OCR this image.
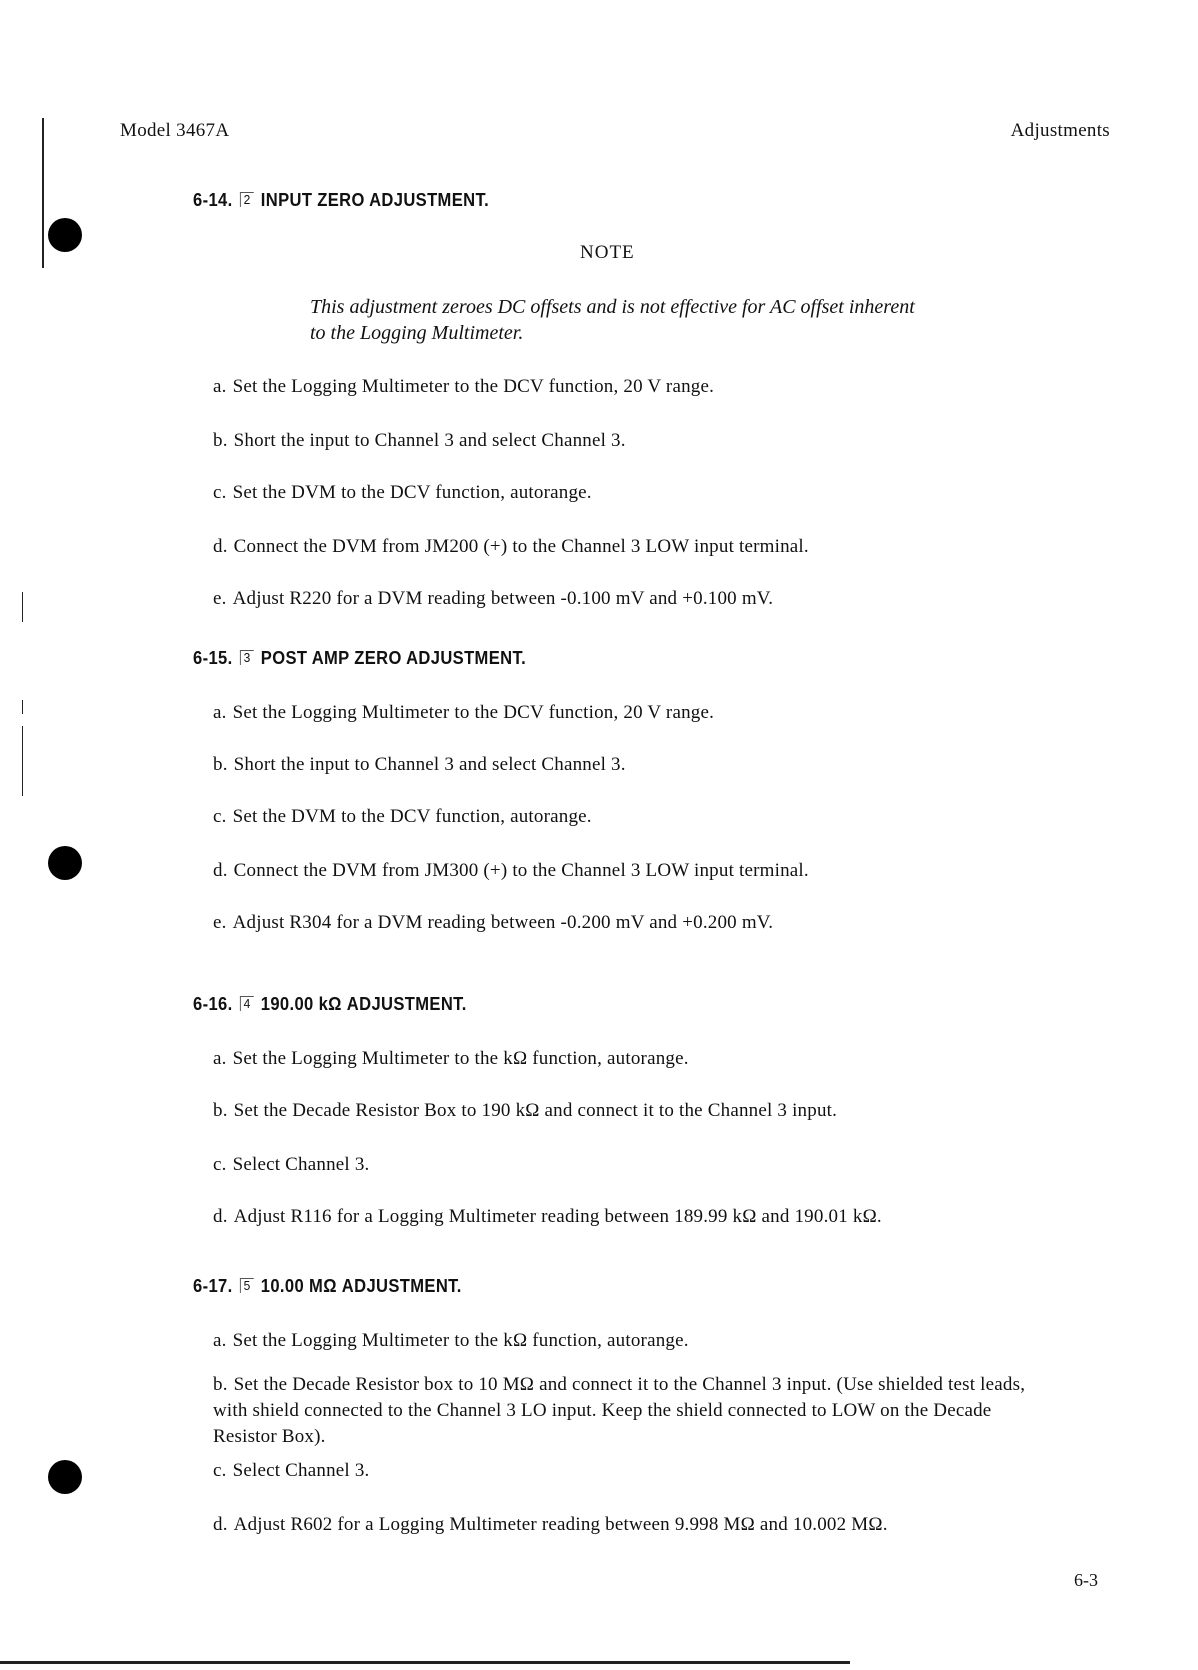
Model 3467A	Adjustments
6-14. 2 INPUT ZERO ADJUSTMENT.
NOTE
This adjustment zeroes DC offsets and is not effective for AC offset inherent to the Logging Multimeter.
a. Set the Logging Multimeter to the DCV function, 20 V range.
b. Short the input to Channel 3 and select Channel 3.
c. Set the DVM to the DCV function, autorange.
d. Connect the DVM from JM200 (+) to the Channel 3 LOW input terminal.
e. Adjust R220 for a DVM reading between -0.100 mV and +0.100 mV.
6-15. 3 POST AMP ZERO ADJUSTMENT.
a. Set the Logging Multimeter to the DCV function, 20 V range.
b. Short the input to Channel 3 and select Channel 3.
c. Set the DVM to the DCV function, autorange.
d. Connect the DVM from JM300 (+) to the Channel 3 LOW input terminal.
e. Adjust R304 for a DVM reading between -0.200 mV and +0.200 mV.
6-16. 4 190.00 kΩ ADJUSTMENT.
a. Set the Logging Multimeter to the kΩ function, autorange.
b. Set the Decade Resistor Box to 190 kΩ and connect it to the Channel 3 input.
c. Select Channel 3.
d. Adjust R116 for a Logging Multimeter reading between 189.99 kΩ and 190.01 kΩ.
6-17. 5 10.00 MΩ ADJUSTMENT.
a. Set the Logging Multimeter to the kΩ function, autorange.
b. Set the Decade Resistor box to 10 MΩ and connect it to the Channel 3 input. (Use shielded test leads, with shield connected to the Channel 3 LO input. Keep the shield connected to LOW on the Decade Resistor Box).
c. Select Channel 3.
d. Adjust R602 for a Logging Multimeter reading between 9.998 MΩ and 10.002 MΩ.
6-3
